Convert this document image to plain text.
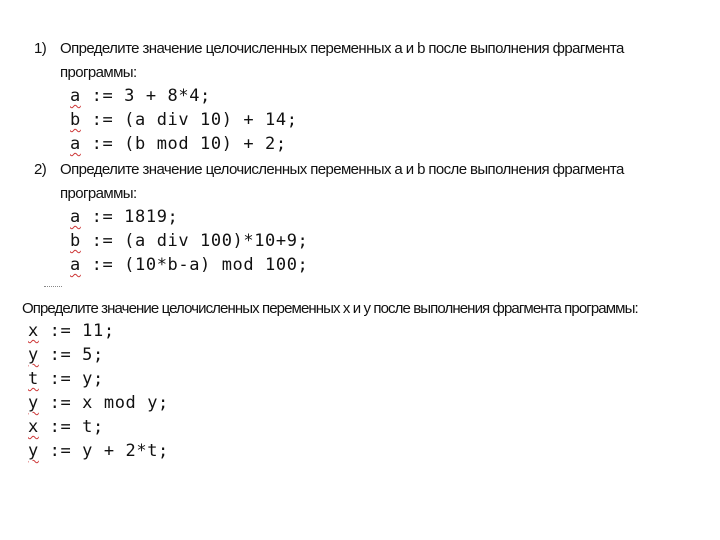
1) Определите значение целочисленных переменных а и b после выполнения фрагмента
программы:
a := 3 + 8*4;
b := (a div 10) + 14;
a := (b mod 10) + 2;
2) Определите значение целочисленных переменных а и b после выполнения фрагмента
программы:
a := 1819;
b := (a div 100)*10+9;
a := (10*b-a) mod 100;
Определите значение целочисленных переменных x и y после выполнения фрагмента программы:
x := 11;
y := 5;
t := y;
y := x mod y;
x := t;
y := y + 2*t;
